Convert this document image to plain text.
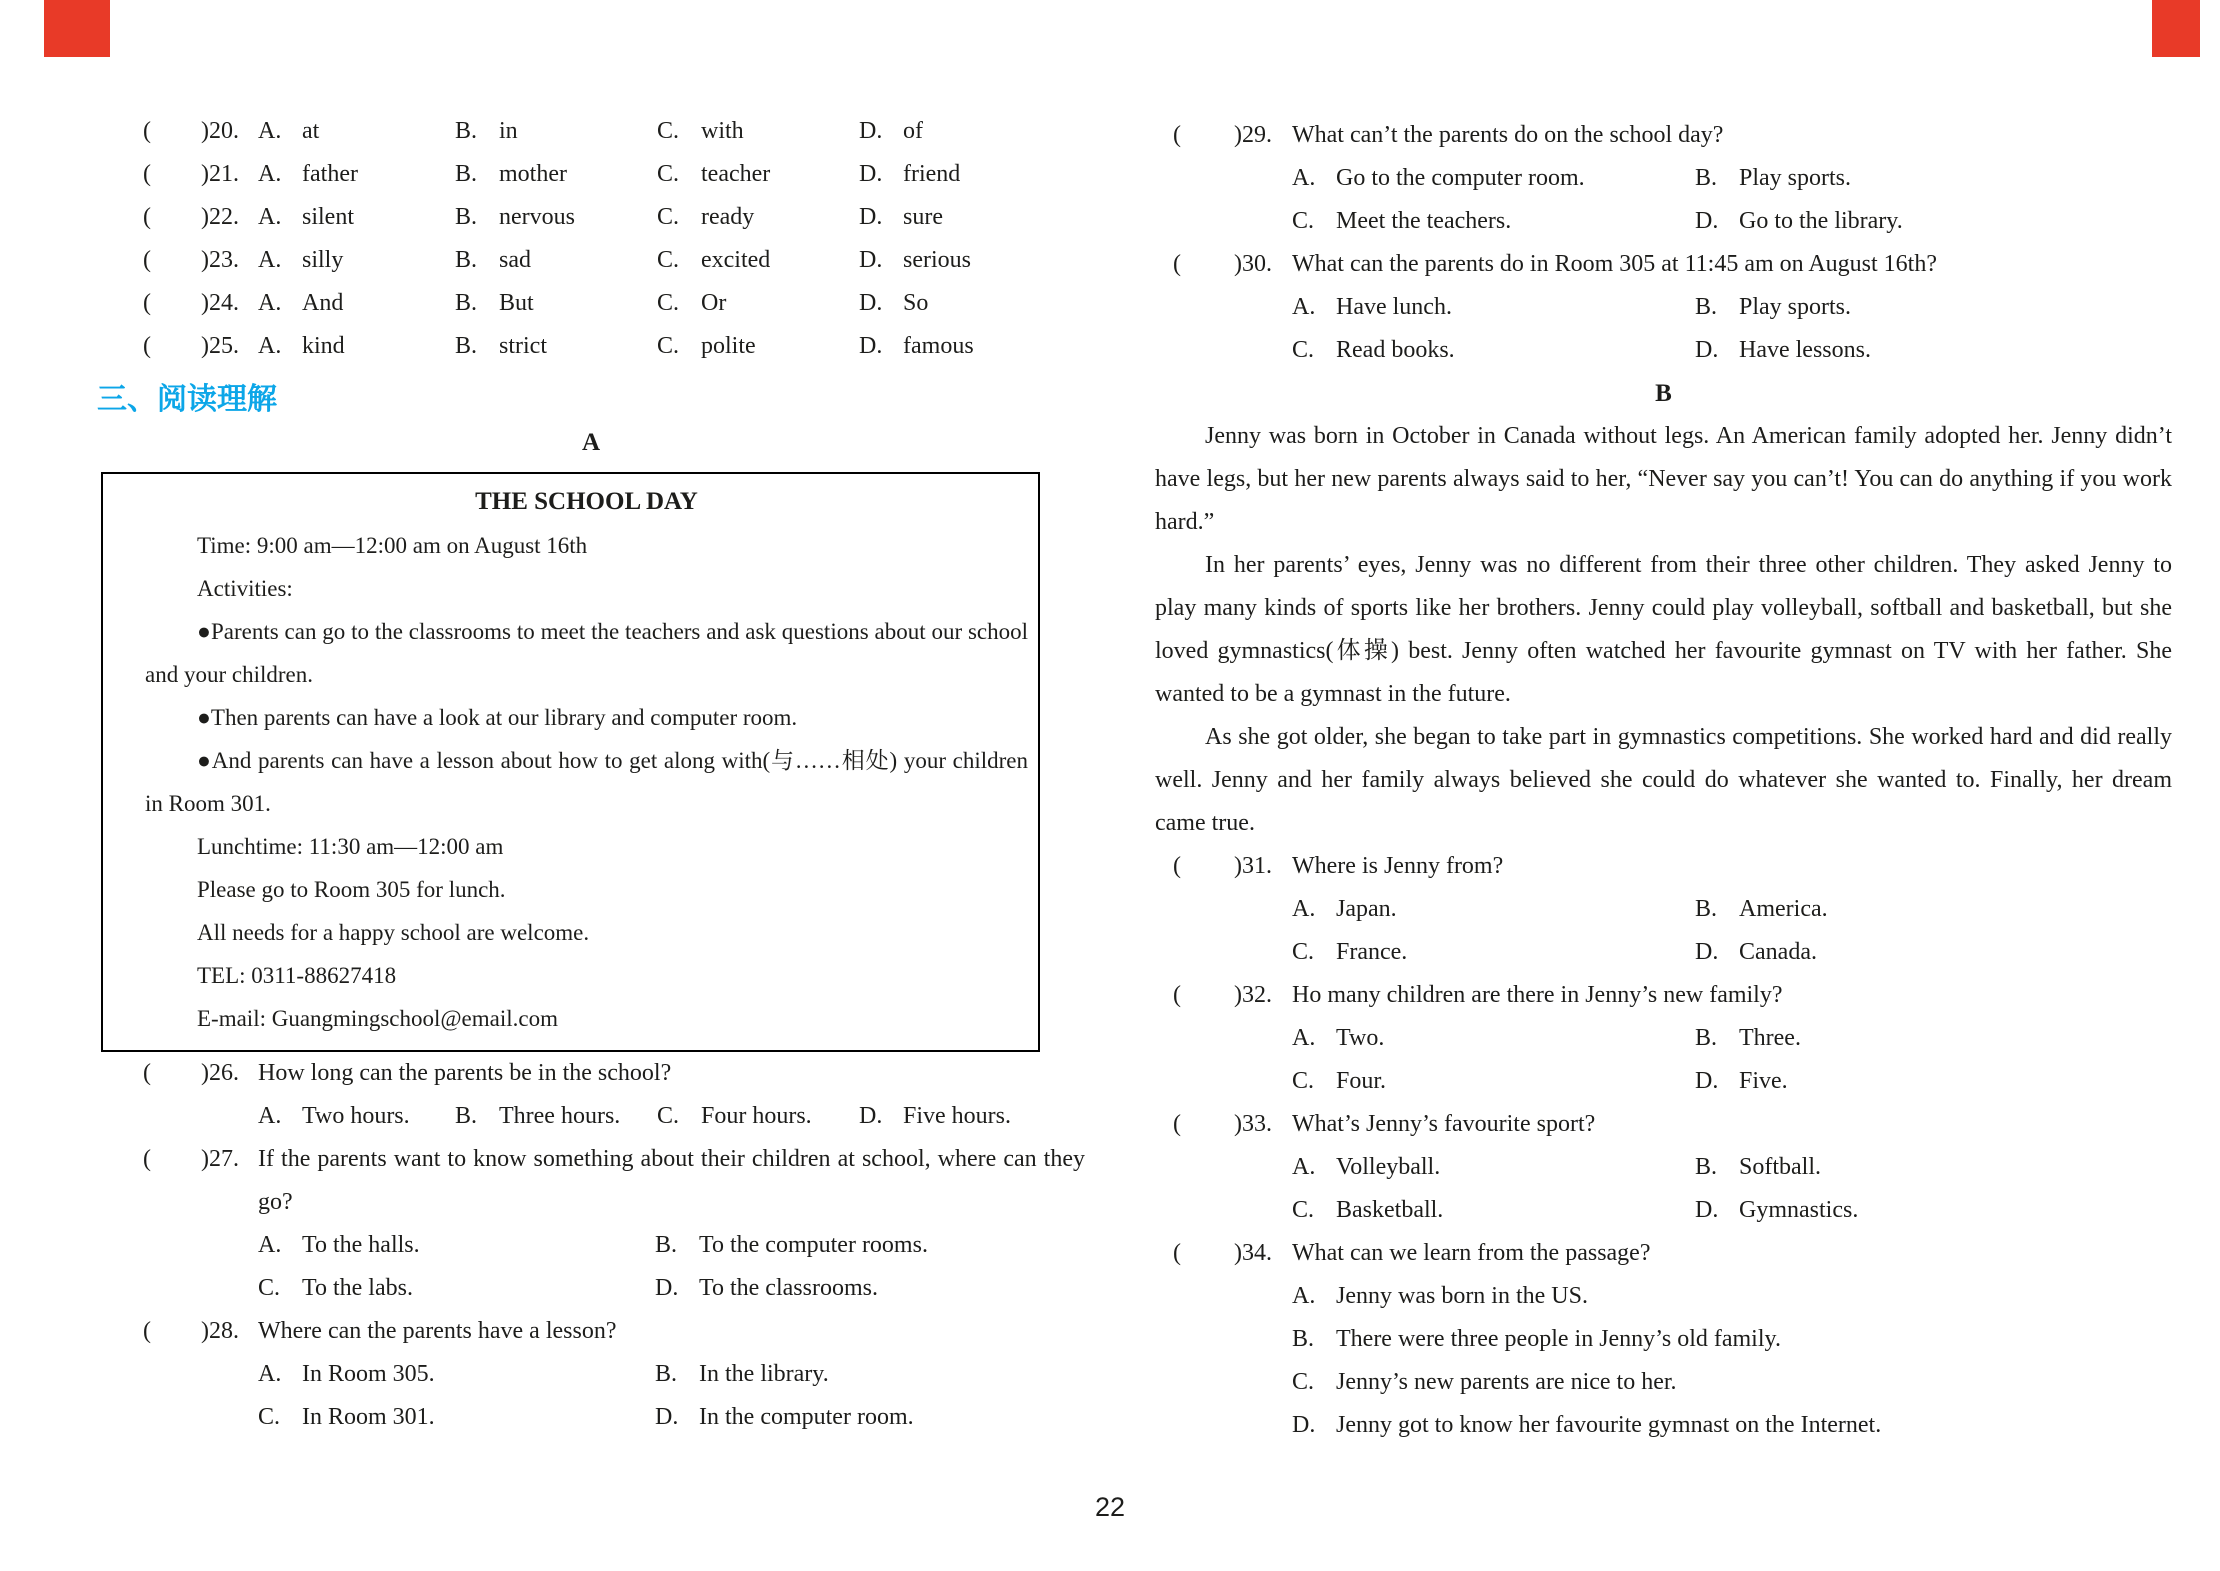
( )20. A. at	B. in	C. with	D. of
( )21. A. father	B. mother	C. teacher	D. friend
( )22. A. silent	B. nervous	C. ready	D. sure
( )23. A. silly	B. sad	C. excited	D. serious
( )24. A. And	B. But	C. Or	D. So
( )25. A. kind	B. strict	C. polite	D. famous
三、阅读理解
A

THE SCHOOL DAY

Time: 9:00 am—12:00 am on August 16th

Activities:

●Parents can go to the classrooms to meet the teachers and ask questions about our school and your children.

●Then parents can have a look at our library and computer room.

●And parents can have a lesson about how to get along with(与……相处) your children in Room 301.

Lunchtime: 11:30 am—12:00 am

Please go to Room 305 for lunch.

All needs for a happy school are welcome.

TEL: 0311-88627418

E-mail: Guangmingschool@email.com

( )26. How long can the parents be in the school?
A. Two hours.	B. Three hours.	C. Four hours.	D. Five hours.
( )27. If the parents want to know something about their children at school, where can they go?
A. To the halls.	B. To the computer rooms.
C. To the labs.	D. To the classrooms.
( )28. Where can the parents have a lesson?
A. In Room 305.	B. In the library.
C. In Room 301.	D. In the computer room.
( )29. What can’t the parents do on the school day?
A. Go to the computer room.	B. Play sports.
C. Meet the teachers.	D. Go to the library.
( )30. What can the parents do in Room 305 at 11:45 am on August 16th?
A. Have lunch.	B. Play sports.
C. Read books.	D. Have lessons.
B

Jenny was born in October in Canada without legs. An American family adopted her. Jenny didn’t have legs, but her new parents always said to her, “Never say you can’t! You can do anything if you work hard.”

In her parents’ eyes, Jenny was no different from their three other children. They asked Jenny to play many kinds of sports like her brothers. Jenny could play volleyball, softball and basketball, but she loved gymnastics(体操) best. Jenny often watched her favourite gymnast on TV with her father. She wanted to be a gymnast in the future.

As she got older, she began to take part in gymnastics competitions. She worked hard and did really well. Jenny and her family always believed she could do whatever she wanted to. Finally, her dream came true.

( )31. Where is Jenny from?
A. Japan.	B. America.
C. France.	D. Canada.
( )32. Ho many children are there in Jenny’s new family?
A. Two.	B. Three.
C. Four.	D. Five.
( )33. What’s Jenny’s favourite sport?
A. Volleyball.	B. Softball.
C. Basketball.	D. Gymnastics.
( )34. What can we learn from the passage?
A. Jenny was born in the US.
B. There were three people in Jenny’s old family.
C. Jenny’s new parents are nice to her.
D. Jenny got to know her favourite gymnast on the Internet.
22
